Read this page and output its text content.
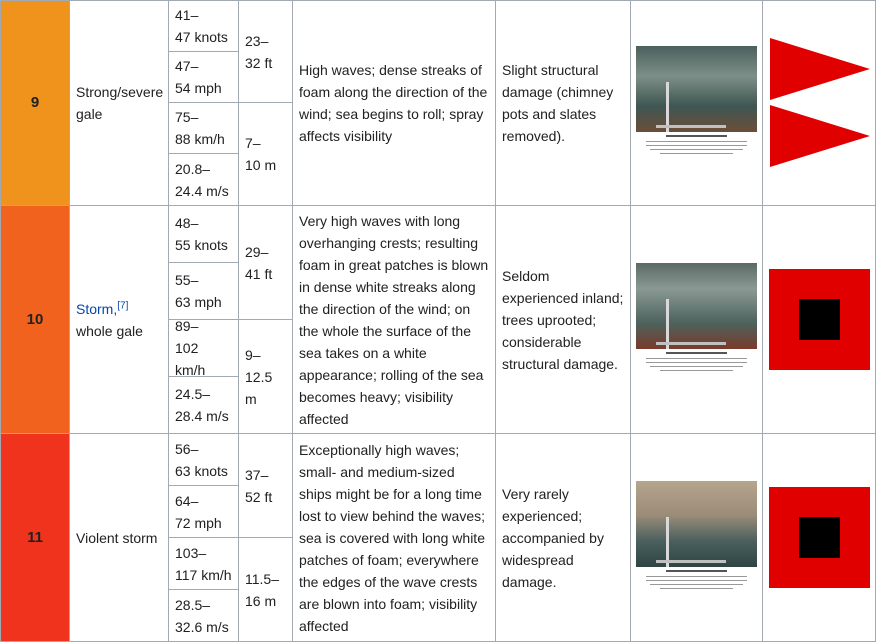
9
Strong/severe gale
41–
47 knots
47–
54 mph
75–
88 km/h
20.8–
24.4 m/s
23–
32 ft
7–
10 m
High waves; dense streaks of foam along the direction of the wind; sea begins to roll; spray affects visibility
Slight structural damage (chimney pots and slates removed).
10
Storm,[7]
whole gale
48–
55 knots
55–
63 mph
89–
102 km/h
24.5–
28.4 m/s
29–
41 ft
9–
12.5 m
Very high waves with long overhanging crests; resulting foam in great patches is blown in dense white streaks along the direction of the wind; on the whole the surface of the sea takes on a white appearance; rolling of the sea becomes heavy; visibility affected
Seldom experienced inland; trees uprooted; considerable structural damage.
11 Violent storm
56–
63 knots
64–
72 mph
103–
117 km/h
28.5–
32.6 m/s
37–
52 ft
11.5–
16 m
Exceptionally high waves; small- and medium-sized ships might be for a long time lost to view behind the waves; sea is covered with long white patches of foam; everywhere the edges of the wave crests are blown into foam; visibility affected
Very rarely experienced; accompanied by widespread damage.
